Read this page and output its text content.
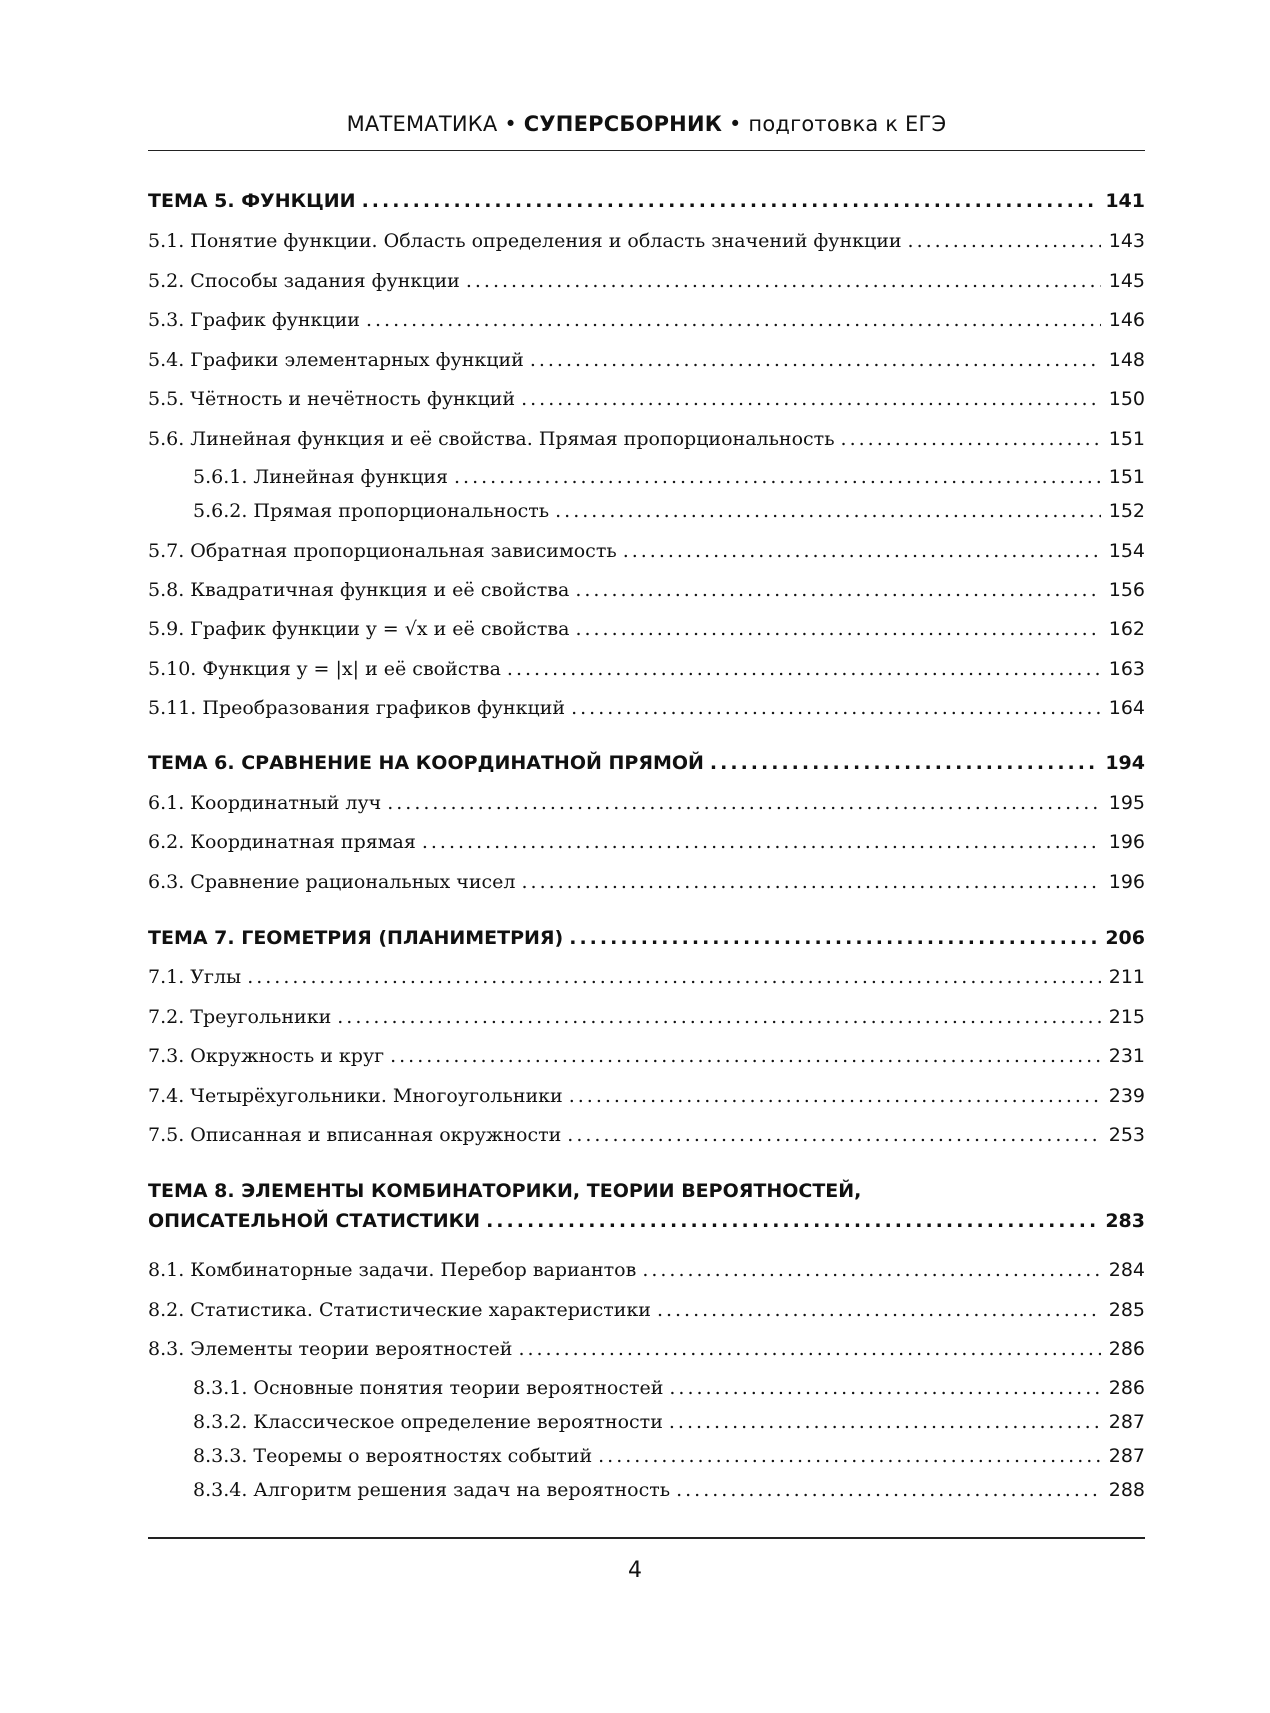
МАТЕМАТИКА • СУПЕРСБОРНИК • подготовка к ЕГЭ
ТЕМА 5. ФУНКЦИИ .....	141
5.1. Понятие функции. Область определения и область значений функции .....	143
5.2. Способы задания функции .....	145
5.3. График функции .....	146
5.4. Графики элементарных функций .....	148
5.5. Чётность и нечётность функций .....	150
5.6. Линейная функция и её свойства. Прямая пропорциональность .....	151
5.6.1. Линейная функция .....	151
5.6.2. Прямая пропорциональность .....	152
5.7. Обратная пропорциональная зависимость .....	154
5.8. Квадратичная функция и её свойства .....	156
5.9. График функции y = √x и её свойства .....	162
5.10. Функция y = |x| и её свойства .....	163
5.11. Преобразования графиков функций .....	164
ТЕМА 6. СРАВНЕНИЕ НА КООРДИНАТНОЙ ПРЯМОЙ .....	194
6.1. Координатный луч .....	195
6.2. Координатная прямая .....	196
6.3. Сравнение рациональных чисел .....	196
ТЕМА 7. ГЕОМЕТРИЯ (ПЛАНИМЕТРИЯ) .....	206
7.1. Углы .....	211
7.2. Треугольники .....	215
7.3. Окружность и круг .....	231
7.4. Четырёхугольники. Многоугольники .....	239
7.5. Описанная и вписанная окружности .....	253
ТЕМА 8. ЭЛЕМЕНТЫ КОМБИНАТОРИКИ, ТЕОРИИ ВЕРОЯТНОСТЕЙ,
ОПИСАТЕЛЬНОЙ СТАТИСТИКИ .....	283
8.1. Комбинаторные задачи. Перебор вариантов .....	284
8.2. Статистика. Статистические характеристики .....	285
8.3. Элементы теории вероятностей .....	286
8.3.1. Основные понятия теории вероятностей .....	286
8.3.2. Классическое определение вероятности .....	287
8.3.3. Теоремы о вероятностях событий .....	287
8.3.4. Алгоритм решения задач на вероятность .....	288
4
